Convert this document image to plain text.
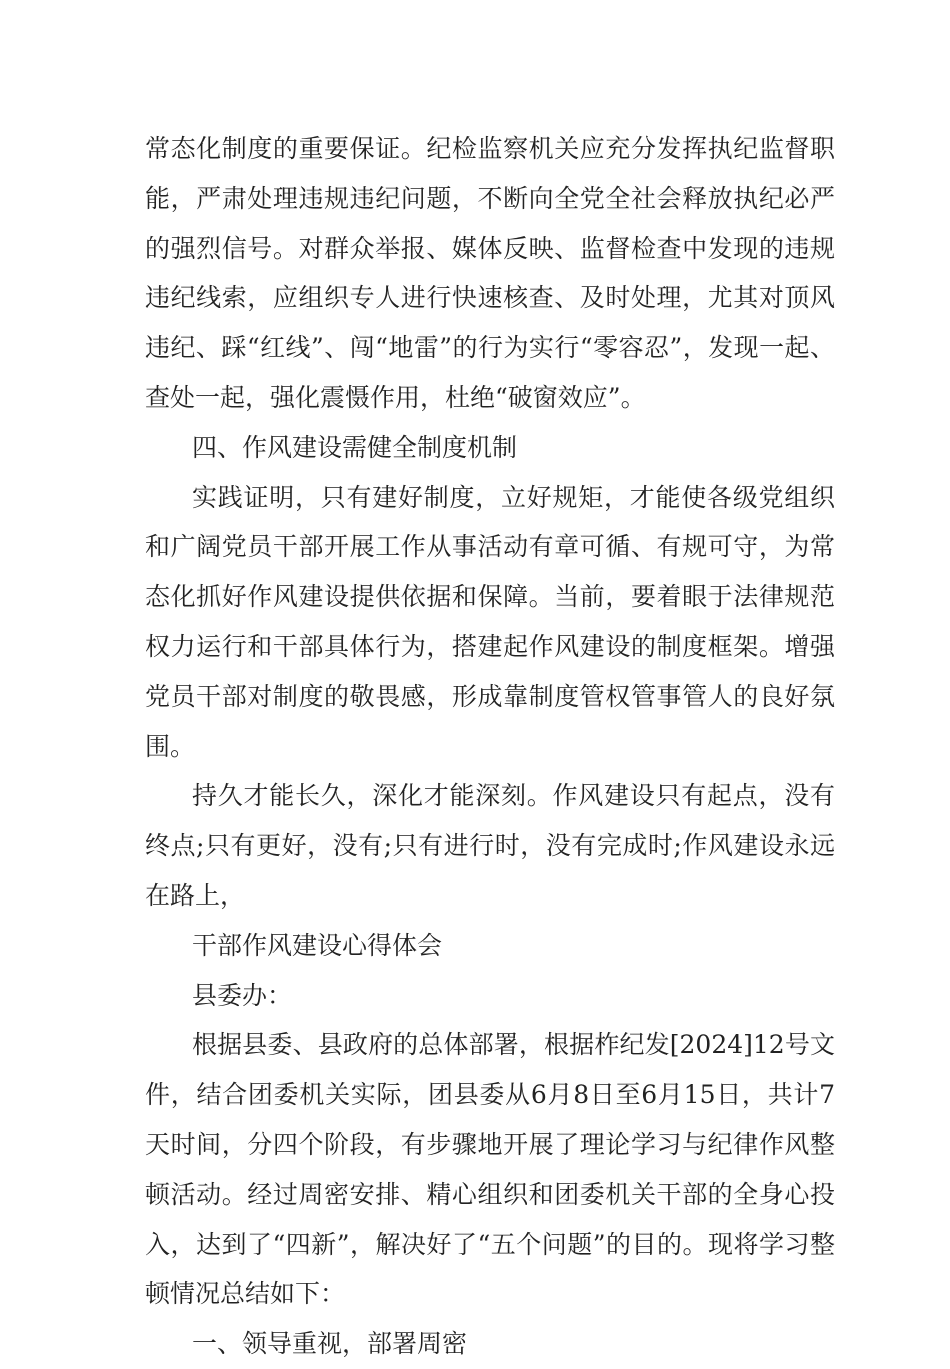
常态化制度的重要保证。纪检监察机关应充分发挥执纪监督职能，严肃处理违规违纪问题，不断向全党全社会释放执纪必严的强烈信号。对群众举报、媒体反映、监督检查中发现的违规违纪线索，应组织专人进行快速核查、及时处理，尤其对顶风违纪、踩“红线”、闯“地雷”的行为实行“零容忍”，发现一起、查处一起，强化震慑作用，杜绝“破窗效应”。

四、作风建设需健全制度机制

实践证明，只有建好制度，立好规矩，才能使各级党组织和广阔党员干部开展工作从事活动有章可循、有规可守，为常态化抓好作风建设提供依据和保障。当前，要着眼于法律规范权力运行和干部具体行为，搭建起作风建设的制度框架。增强党员干部对制度的敬畏感，形成靠制度管权管事管人的良好氛围。

持久才能长久，深化才能深刻。作风建设只有起点，没有终点;只有更好，没有;只有进行时，没有完成时;作风建设永远在路上，

干部作风建设心得体会

县委办：

根据县委、县政府的总体部署，根据柞纪发[2024]12号文件，结合团委机关实际，团县委从6月8日至6月15日，共计7天时间，分四个阶段，有步骤地开展了理论学习与纪律作风整顿活动。经过周密安排、精心组织和团委机关干部的全身心投入，达到了“四新”，解决好了“五个问题”的目的。现将学习整顿情况总结如下：

一、领导重视，部署周密
